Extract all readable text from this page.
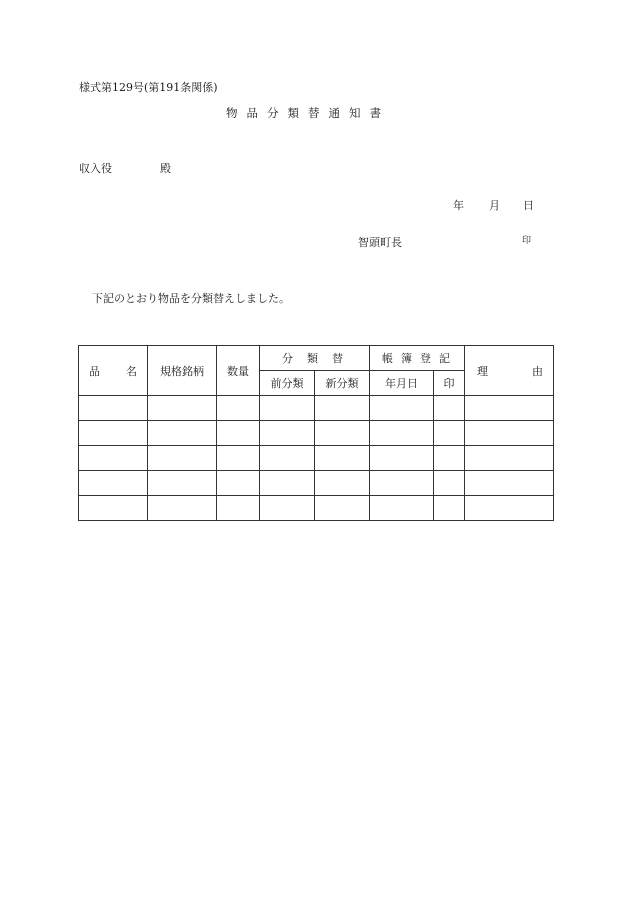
様式第129号(第191条関係)
物品分類替通知書
収入役	殿
年 月 日
智頭町長	印
下記のとおり物品を分類替えしました。
品 名	規格銘柄	数量	分類替		帳簿登記		理 由

			前分類	新分類	年月日	印	
